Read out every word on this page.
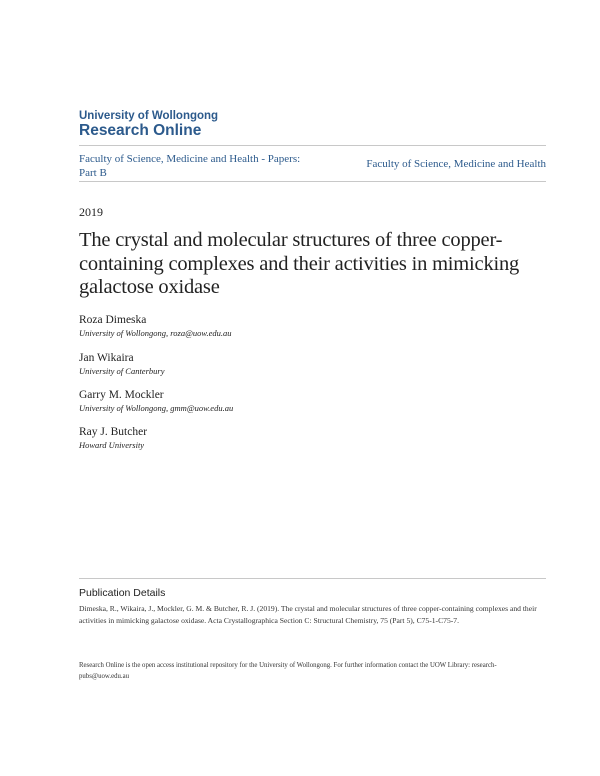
University of Wollongong
Research Online
Faculty of Science, Medicine and Health - Papers: Part B
Faculty of Science, Medicine and Health
2019
The crystal and molecular structures of three copper-containing complexes and their activities in mimicking galactose oxidase
Roza Dimeska
University of Wollongong, roza@uow.edu.au
Jan Wikaira
University of Canterbury
Garry M. Mockler
University of Wollongong, gmm@uow.edu.au
Ray J. Butcher
Howard University
Publication Details
Dimeska, R., Wikaira, J., Mockler, G. M. & Butcher, R. J. (2019). The crystal and molecular structures of three copper-containing complexes and their activities in mimicking galactose oxidase. Acta Crystallographica Section C: Structural Chemistry, 75 (Part 5), C75-1-C75-7.
Research Online is the open access institutional repository for the University of Wollongong. For further information contact the UOW Library: research-pubs@uow.edu.au
